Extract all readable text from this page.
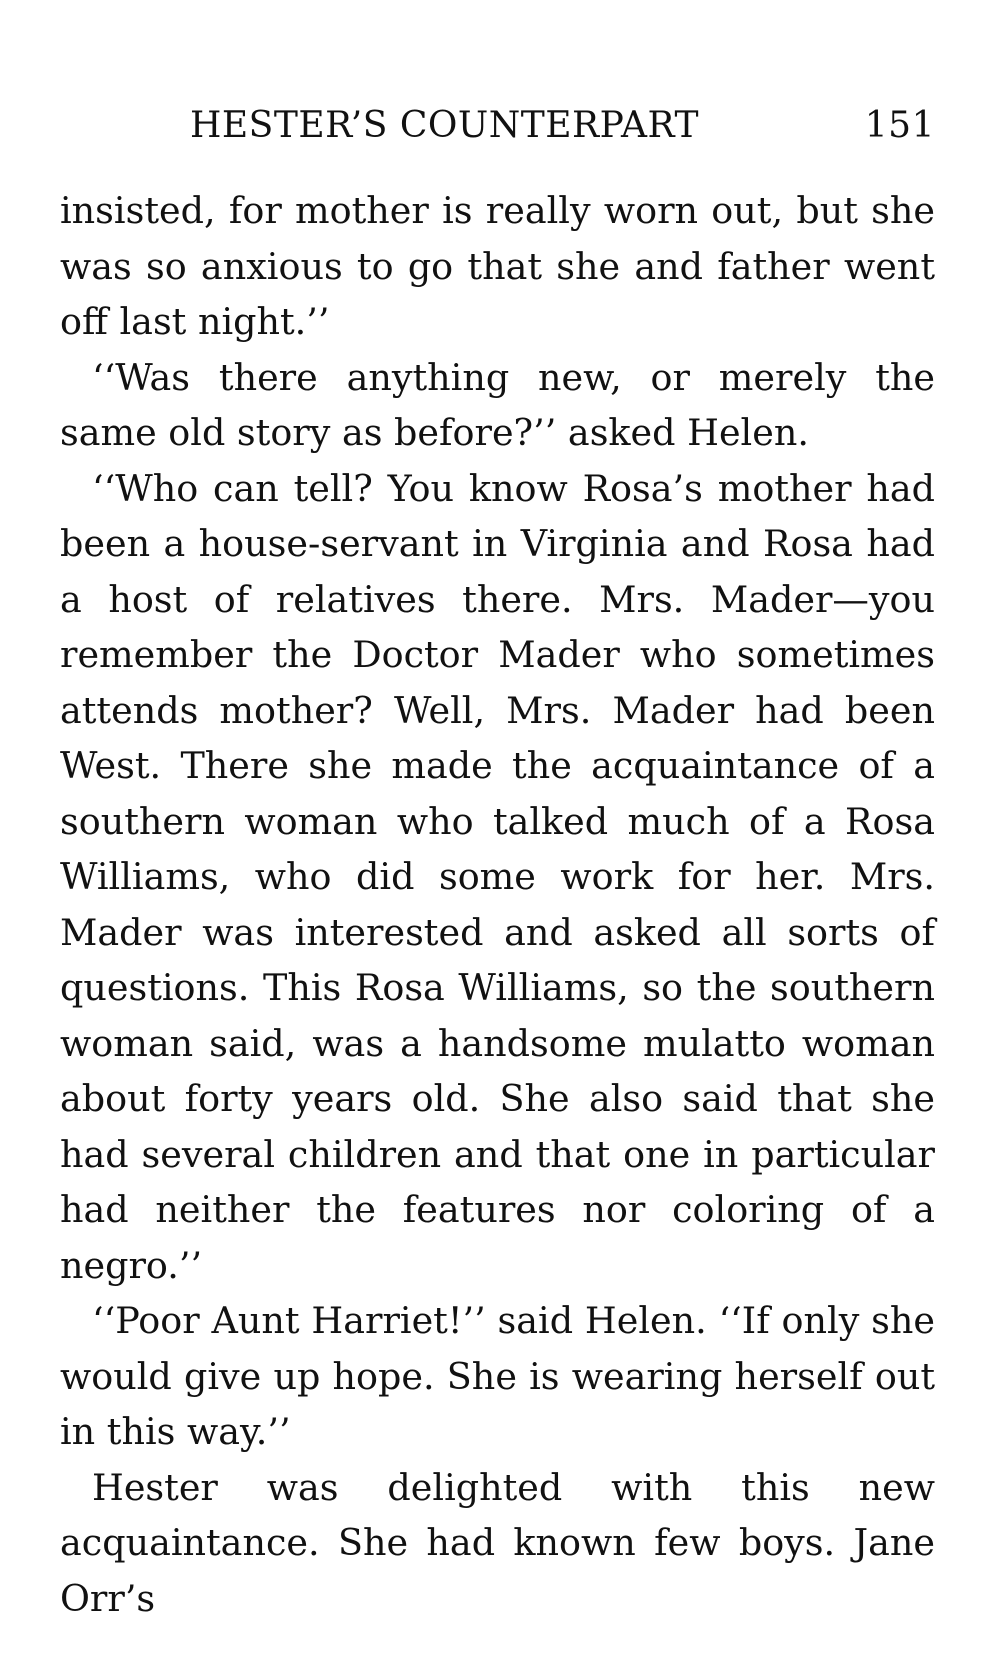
HESTER’S COUNTERPART	151

insisted, for mother is really worn out, but she was so anxious to go that she and father went off last night.’’

‘‘Was there anything new, or merely the same old story as before?’’ asked Helen.

‘‘Who can tell? You know Rosa’s mother had been a house-servant in Virginia and Rosa had a host of relatives there. Mrs. Mader—you remember the Doctor Mader who sometimes attends mother? Well, Mrs. Mader had been West. There she made the acquaintance of a southern woman who talked much of a Rosa Williams, who did some work for her. Mrs. Mader was interested and asked all sorts of questions. This Rosa Williams, so the southern woman said, was a handsome mulatto woman about forty years old. She also said that she had several children and that one in particular had neither the features nor coloring of a negro.’’

‘‘Poor Aunt Harriet!’’ said Helen. ‘‘If only she would give up hope. She is wearing herself out in this way.’’

Hester was delighted with this new acquaintance. She had known few boys. Jane Orr’s
